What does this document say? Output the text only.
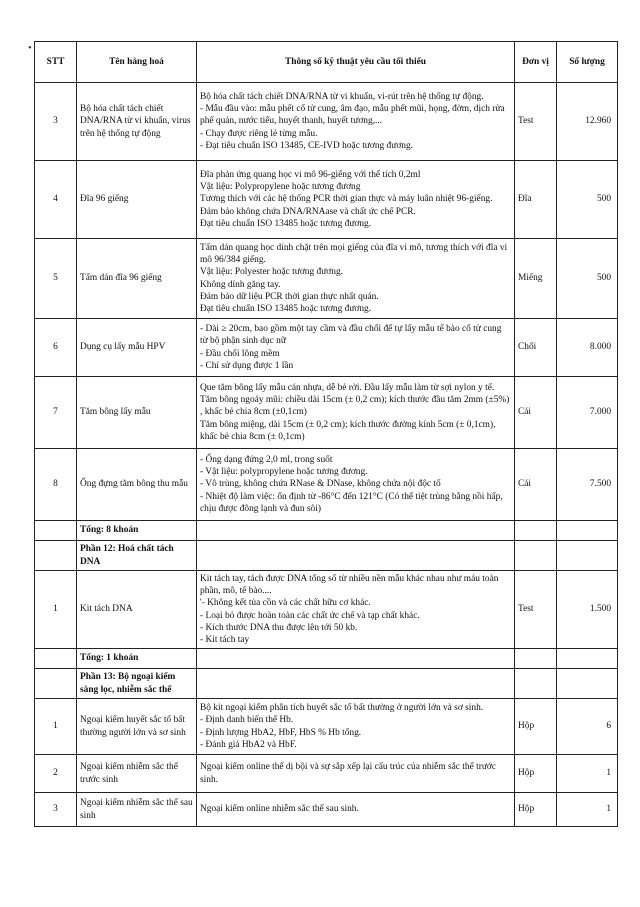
•
STT	Tên hàng hoá	Thông số kỹ thuật yêu cầu tối thiểu	Đơn vị	Số lượng
3	Bộ hóa chất tách chiết DNA/RNA từ vi khuẩn, virus trên hệ thống tự động	Bộ hóa chất tách chiết DNA/RNA từ vi khuẩn, vi-rút trên hệ thống tự động.
- Mẫu đầu vào: mẫu phết cổ tử cung, âm đạo, mẫu phết mũi, họng, đờm, dịch rửa phế quản, nước tiểu, huyết thanh, huyết tương,...
- Chạy được riêng lẻ từng mẫu.
- Đạt tiêu chuẩn ISO 13485, CE-IVD hoặc tương đương.	Test	12.960
4	Đĩa 96 giếng	Đĩa phản ứng quang học vi mô 96-giếng với thể tích 0,2ml
Vật liệu: Polypropylene hoặc tương đương
Tương thích với các hệ thống PCR thời gian thực và máy luân nhiệt 96-giếng.
Đảm bảo không chứa DNA/RNAase và chất ức chế PCR.
Đạt tiêu chuẩn ISO 13485 hoặc tương đương.	Đĩa	500
5	Tấm dán đĩa 96 giếng	Tấm dán quang học dính chặt trên mọi giếng của đĩa vi mô, tương thích với đĩa vi mô 96/384 giếng.
Vật liệu: Polyester hoặc tương đương.
Không dính găng tay.
Đảm bảo dữ liệu PCR thời gian thực nhất quán.
Đạt tiêu chuẩn ISO 13485 hoặc tương đương.	Miếng	500
6	Dụng cụ lấy mẫu HPV	- Dài ≥ 20cm, bao gồm một tay cầm và đầu chổi để tự lấy mẫu tế bào cổ tử cung từ bộ phận sinh dục nữ
- Đầu chổi lông mềm
- Chỉ sử dụng được 1 lần	Chổi	8.000
7	Tăm bông lấy mẫu	Que tăm bông lấy mẫu cán nhựa, dễ bẻ rời. Đầu lấy mẫu làm từ sợi nylon y tế.
Tăm bông ngoáy mũi: chiều dài 15cm (± 0,2 cm); kích thước đầu tăm 2mm (±5%) , khấc bẻ chia 8cm (±0,1cm)
Tăm bông miệng, dài 15cm (± 0,2 cm); kích thước đường kính 5cm (± 0,1cm), khấc bẻ chia 8cm (± 0,1cm)	Cái	7.000
8	Ống đựng tăm bông thu mẫu	- Ống dạng đứng 2,0 ml, trong suốt
- Vật liệu: polypropylene hoặc tương đương.
- Vô trùng, không chứa RNase & DNase, không chứa nội độc tố
- Nhiệt độ làm việc: ổn định từ -86°C đến 121°C (Có thể tiệt trùng bằng nồi hấp, chịu được đông lạnh và đun sôi)	Cái	7.500
	Tổng: 8 khoản			
	Phần 12: Hoá chất tách DNA			
1	Kit tách DNA	Kit tách tay, tách được DNA tổng số từ nhiều nền mẫu khác nhau như máu toàn phần, mô, tế bào....
'- Không kết tủa cồn và các chất hữu cơ khác.
- Loại bỏ được hoàn toàn các chất ức chế và tạp chất khác.
- Kích thước DNA thu được lên tới 50 kb.
- Kit tách tay	Test	1.500
	Tổng: 1 khoản			
	Phần 13: Bộ ngoại kiểm sàng lọc, nhiễm sắc thể			
1	Ngoại kiểm huyết sắc tố bất thường người lớn và sơ sinh	Bộ kit ngoại kiểm phân tích huyết sắc tố bất thường ở người lớn và sơ sinh.
- Định danh biến thể Hb.
- Định lượng HbA2, HbF, HbS % Hb tổng.
- Đánh giá HbA2 và HbF.	Hộp	6
2	Ngoại kiểm nhiễm sắc thể trước sinh	Ngoại kiểm online thể dị bội và sự sắp xếp lại cấu trúc của nhiễm sắc thể trước sinh.	Hộp	1
3	Ngoại kiểm nhiễm sắc thể sau sinh	Ngoại kiểm online nhiễm sắc thể sau sinh.	Hộp	1
